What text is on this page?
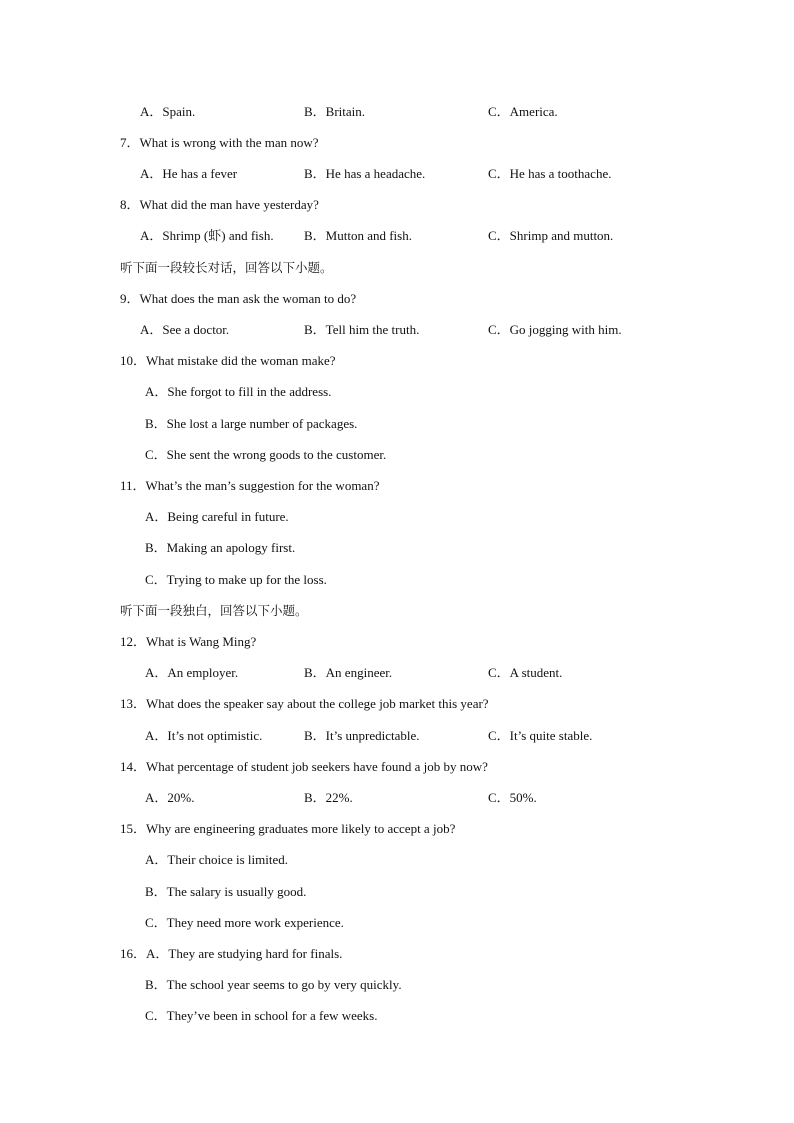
A．Spain.	B．Britain.	C．America.
7．What is wrong with the man now?
A．He has a fever	B．He has a headache.	C．He has a toothache.
8．What did the man have yesterday?
A．Shrimp (虾) and fish. B．Mutton and fish.	C．Shrimp and mutton.
听下面一段较长对话，回答以下小题。
9．What does the man ask the woman to do?
A．See a doctor.	B．Tell him the truth.	C．Go jogging with him.
10．What mistake did the woman make?
A．She forgot to fill in the address.
B．She lost a large number of packages.
C．She sent the wrong goods to the customer.
11．What’s the man’s suggestion for the woman?
A．Being careful in future.
B．Making an apology first.
C．Trying to make up for the loss.
听下面一段独白，回答以下小题。
12．What is Wang Ming?
A．An employer.	B．An engineer.	C．A student.
13．What does the speaker say about the college job market this year?
A．It’s not optimistic.	B．It’s unpredictable.	C．It’s quite stable.
14．What percentage of student job seekers have found a job by now?
A．20%.	B．22%.	C．50%.
15．Why are engineering graduates more likely to accept a job?
A．Their choice is limited.
B．The salary is usually good.
C．They need more work experience.
16．A．They are studying hard for finals.
B．The school year seems to go by very quickly.
C．They’ve been in school for a few weeks.
